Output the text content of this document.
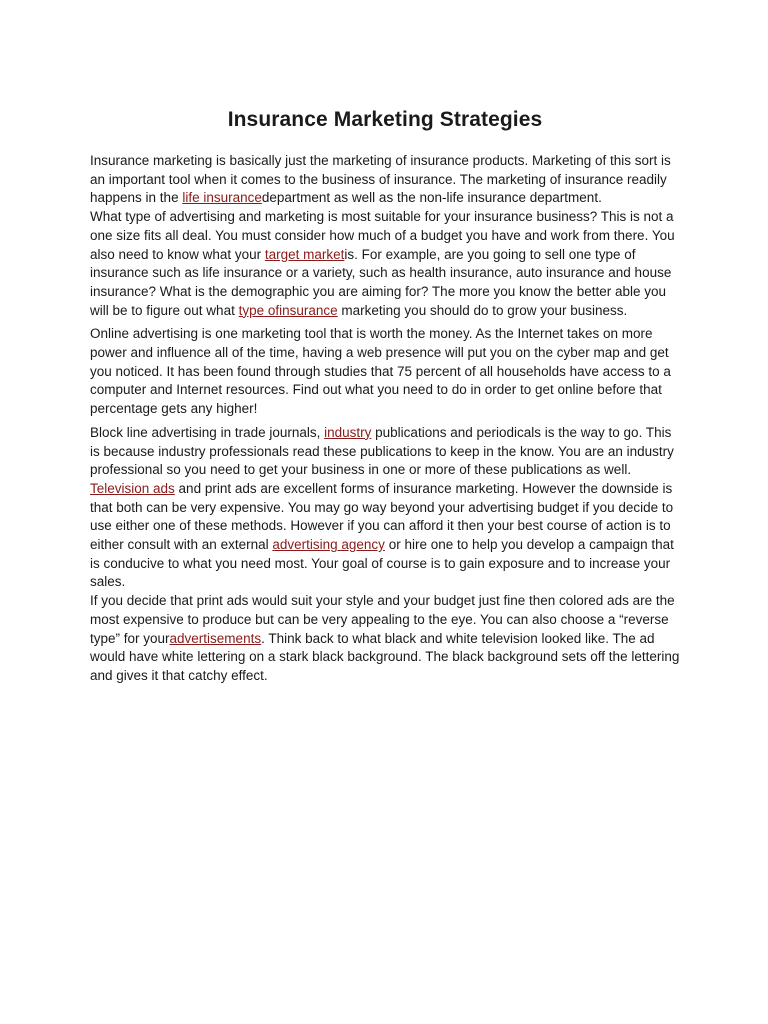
Insurance Marketing Strategies

Insurance marketing is basically just the marketing of insurance products. Marketing of this sort is an important tool when it comes to the business of insurance. The marketing of insurance readily happens in the life insurancedepartment as well as the non-life insurance department.

What type of advertising and marketing is most suitable for your insurance business? This is not a one size fits all deal. You must consider how much of a budget you have and work from there. You also need to know what your target marketis. For example, are you going to sell one type of insurance such as life insurance or a variety, such as health insurance, auto insurance and house insurance? What is the demographic you are aiming for? The more you know the better able you will be to figure out what type ofinsurance marketing you should do to grow your business.

Online advertising is one marketing tool that is worth the money. As the Internet takes on more power and influence all of the time, having a web presence will put you on the cyber map and get you noticed. It has been found through studies that 75 percent of all households have access to a computer and Internet resources. Find out what you need to do in order to get online before that percentage gets any higher!

Block line advertising in trade journals, industry publications and periodicals is the way to go. This is because industry professionals read these publications to keep in the know. You are an industry professional so you need to get your business in one or more of these publications as well.

Television ads and print ads are excellent forms of insurance marketing. However the downside is that both can be very expensive. You may go way beyond your advertising budget if you decide to use either one of these methods. However if you can afford it then your best course of action is to either consult with an external advertising agency or hire one to help you develop a campaign that is conducive to what you need most. Your goal of course is to gain exposure and to increase your sales.

If you decide that print ads would suit your style and your budget just fine then colored ads are the most expensive to produce but can be very appealing to the eye. You can also choose a “reverse type” for youradvertisements. Think back to what black and white television looked like. The ad would have white lettering on a stark black background. The black background sets off the lettering and gives it that catchy effect.
